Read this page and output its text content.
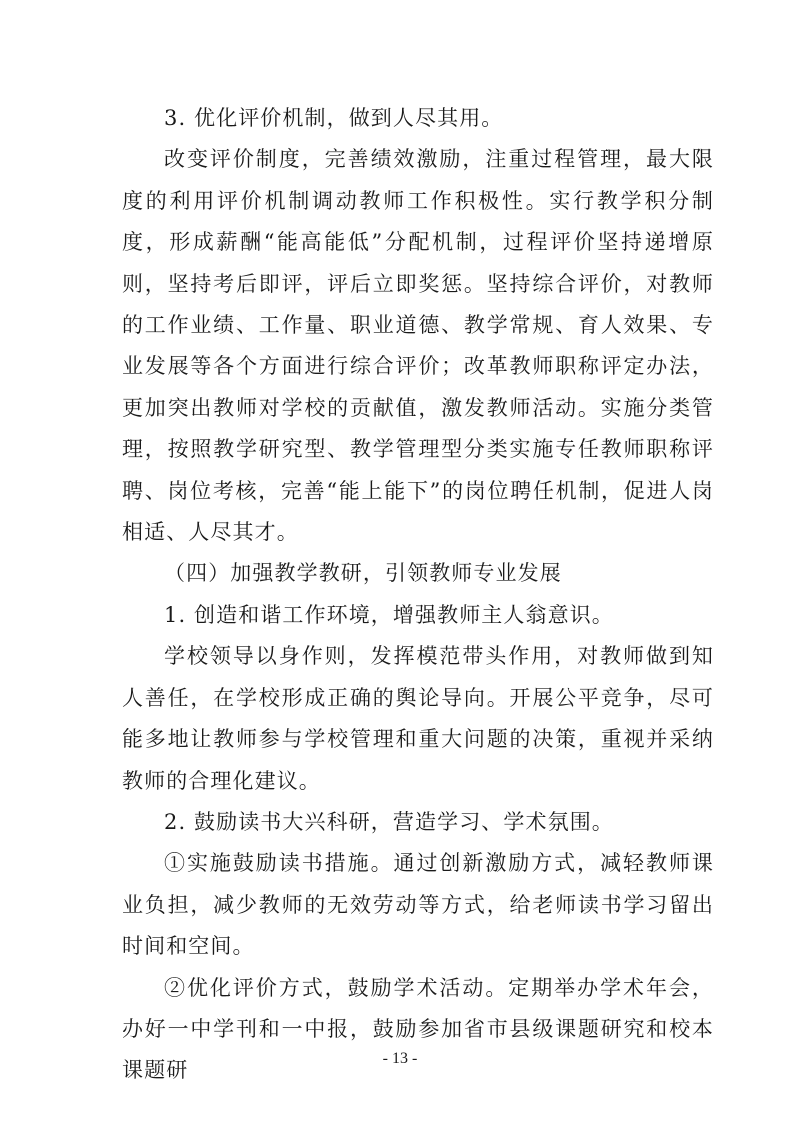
3. 优化评价机制，做到人尽其用。

改变评价制度，完善绩效激励，注重过程管理，最大限度的利用评价机制调动教师工作积极性。实行教学积分制度，形成薪酬“能高能低”分配机制，过程评价坚持递增原则，坚持考后即评，评后立即奖惩。坚持综合评价，对教师的工作业绩、工作量、职业道德、教学常规、育人效果、专业发展等各个方面进行综合评价；改革教师职称评定办法，更加突出教师对学校的贡献值，激发教师活动。实施分类管理，按照教学研究型、教学管理型分类实施专任教师职称评聘、岗位考核，完善“能上能下”的岗位聘任机制，促进人岗相适、人尽其才。

（四）加强教学教研，引领教师专业发展

1. 创造和谐工作环境，增强教师主人翁意识。

学校领导以身作则，发挥模范带头作用，对教师做到知人善任，在学校形成正确的舆论导向。开展公平竞争，尽可能多地让教师参与学校管理和重大问题的决策，重视并采纳教师的合理化建议。

2. 鼓励读书大兴科研，营造学习、学术氛围。

①实施鼓励读书措施。通过创新激励方式，减轻教师课业负担，减少教师的无效劳动等方式，给老师读书学习留出时间和空间。

②优化评价方式，鼓励学术活动。定期举办学术年会，办好一中学刊和一中报，鼓励参加省市县级课题研究和校本课题研	- 13 -
